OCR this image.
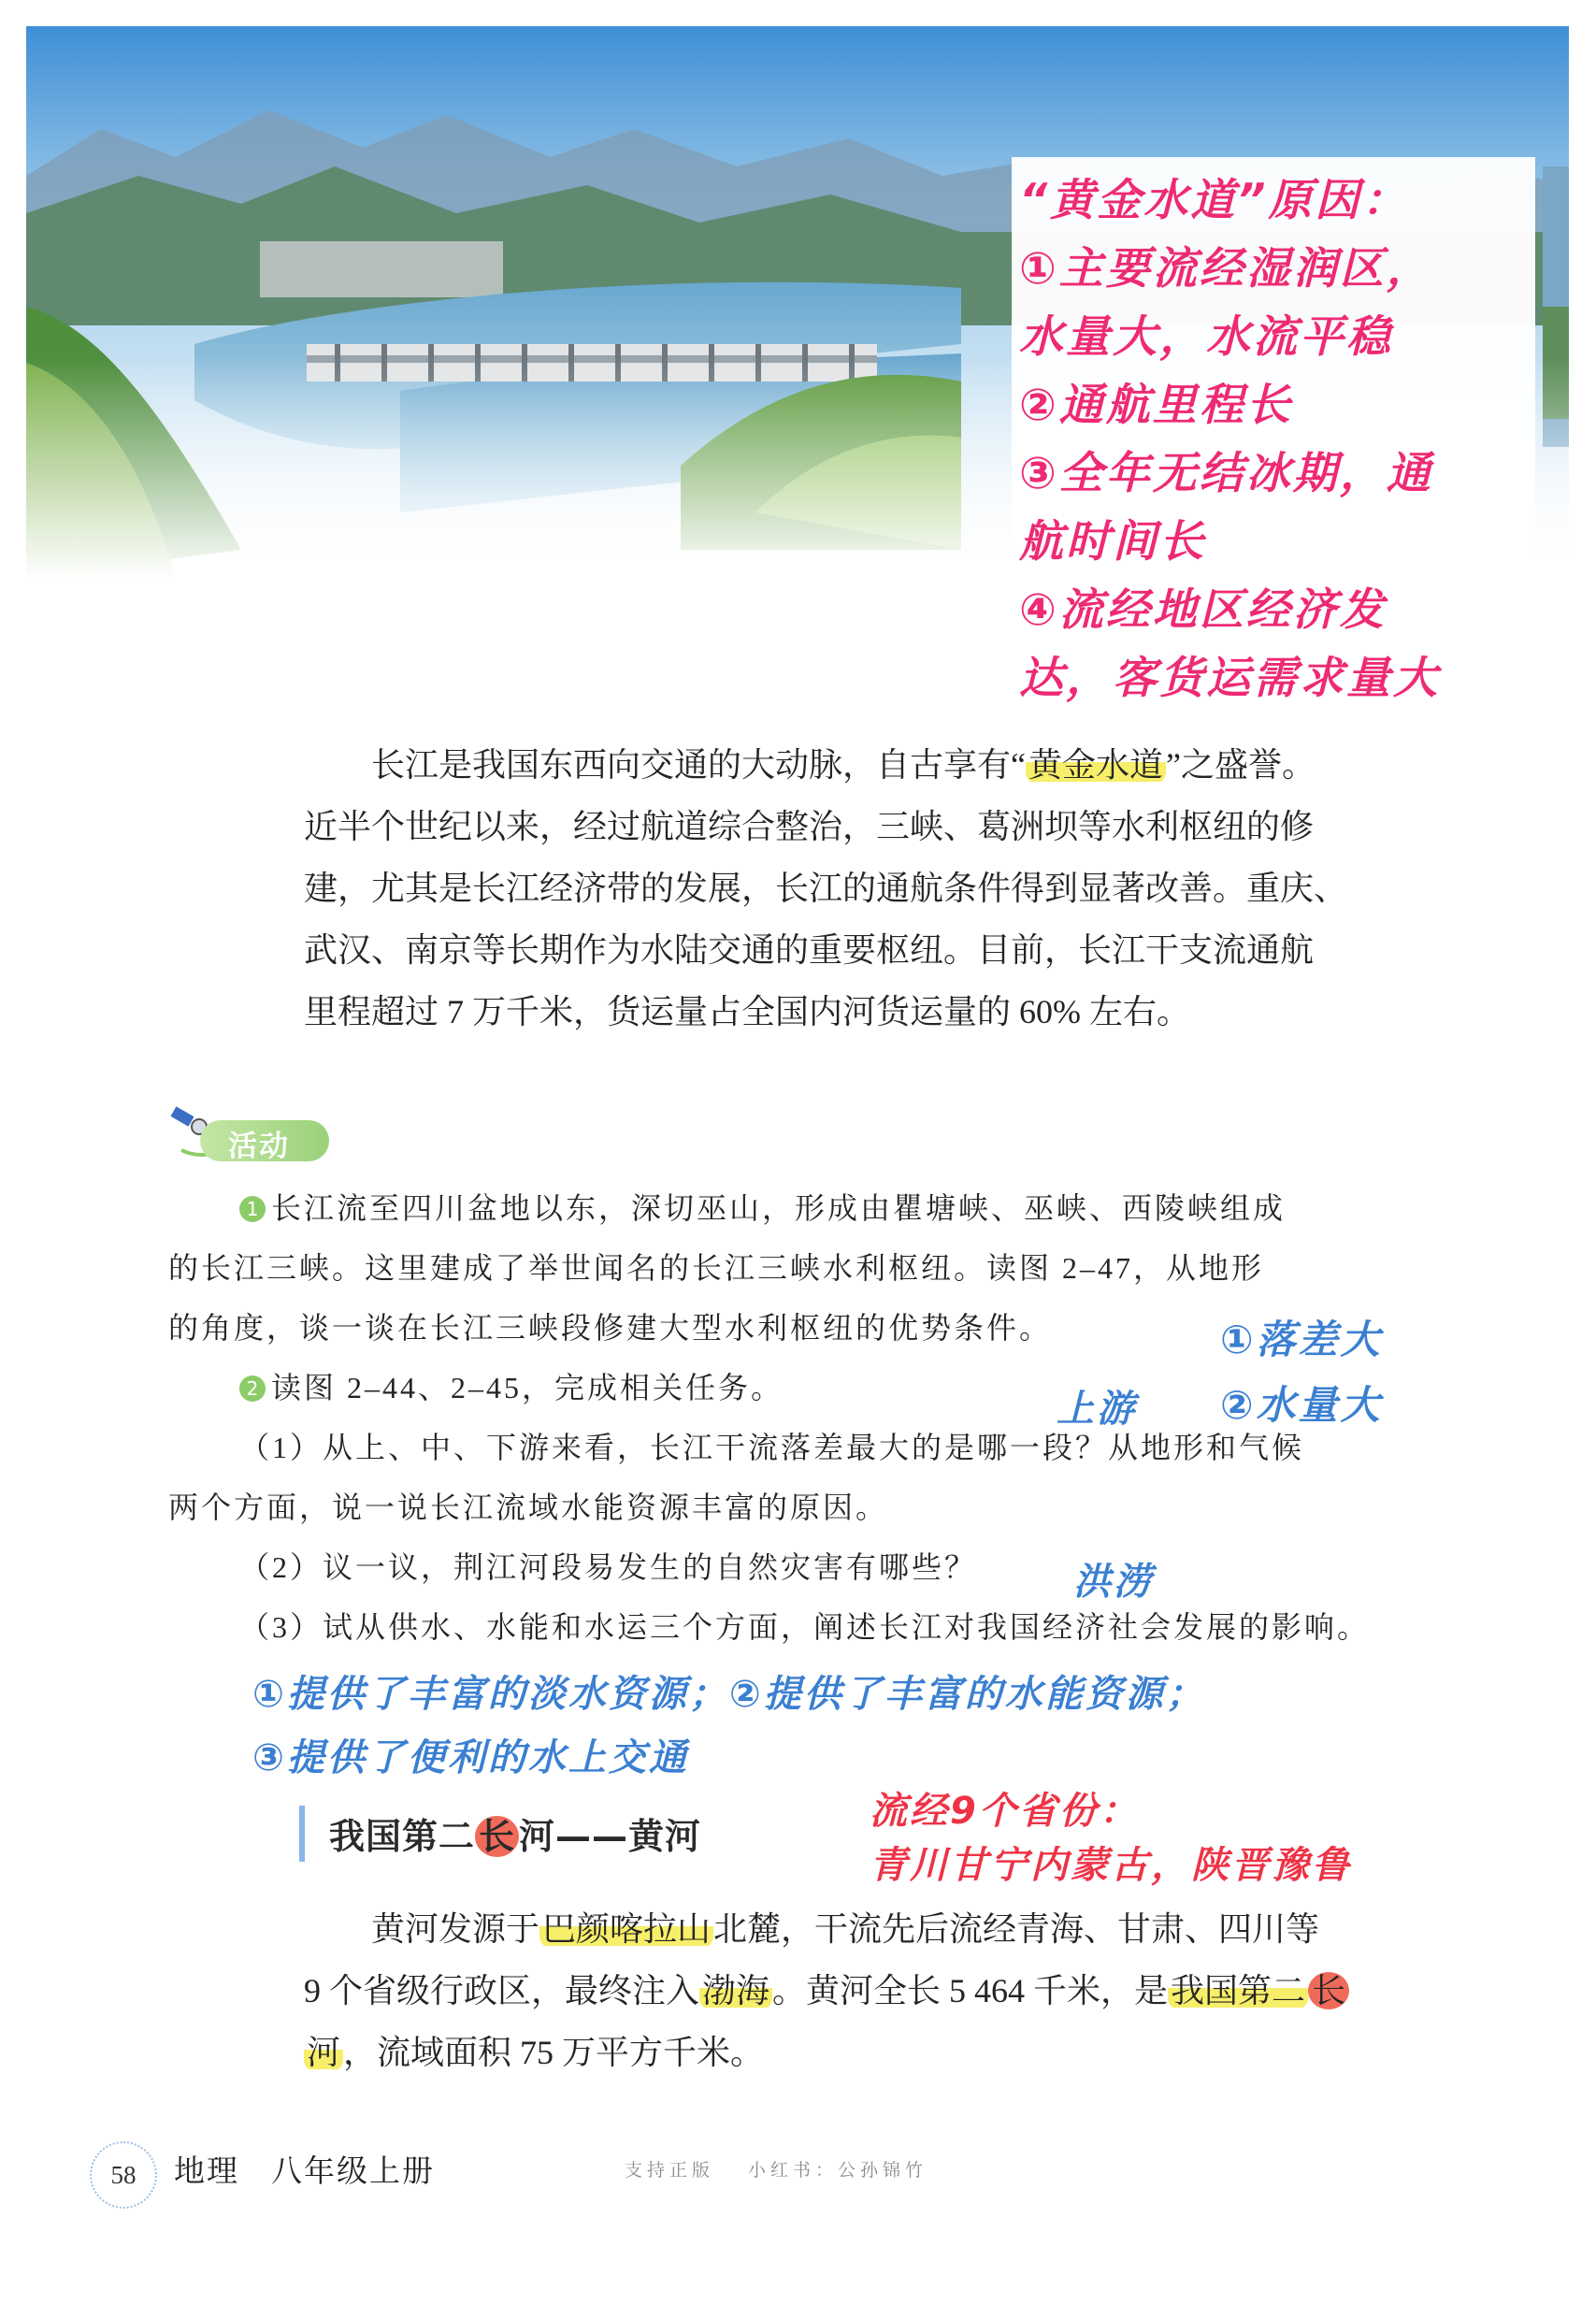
“黄金水道”原因：
①主要流经湿润区，
水量大，水流平稳
②通航里程长
③全年无结冰期，通
航时间长
④流经地区经济发
达，客货运需求量大
长江是我国东西向交通的大动脉，自古享有“黄金水道”之盛誉。
近半个世纪以来，经过航道综合整治，三峡、葛洲坝等水利枢纽的修
建，尤其是长江经济带的发展，长江的通航条件得到显著改善。重庆、
武汉、南京等长期作为水陆交通的重要枢纽。目前，长江干支流通航
里程超过 7 万千米，货运量占全国内河货运量的 60% 左右。
活动
1 长江流至四川盆地以东，深切巫山，形成由瞿塘峡、巫峡、西陵峡组成
的长江三峡。这里建成了举世闻名的长江三峡水利枢纽。读图 2–47，从地形
的角度，谈一谈在长江三峡段修建大型水利枢纽的优势条件。
2 读图 2–44、2–45，完成相关任务。
（1）从上、中、下游来看，长江干流落差最大的是哪一段？从地形和气候
两个方面，说一说长江流域水能资源丰富的原因。
（2）议一议，荆江河段易发生的自然灾害有哪些？
（3）试从供水、水能和水运三个方面，阐述长江对我国经济社会发展的影响。
①落差大
上游 ②水量大
洪涝
①提供了丰富的淡水资源；②提供了丰富的水能资源；
③提供了便利的水上交通
我国第二 长 河——黄河
流经9个省份：
青川甘宁内蒙古，陕晋豫鲁
黄河发源于巴颜喀拉山北麓，干流先后流经青海、甘肃、四川等
9 个省级行政区，最终注入渤海。黄河全长 5 464 千米，是我国第二 长
河，流域面积 75 万平方千米。
58	地理 八年级上册	支持正版 小红书：公孙锦竹
